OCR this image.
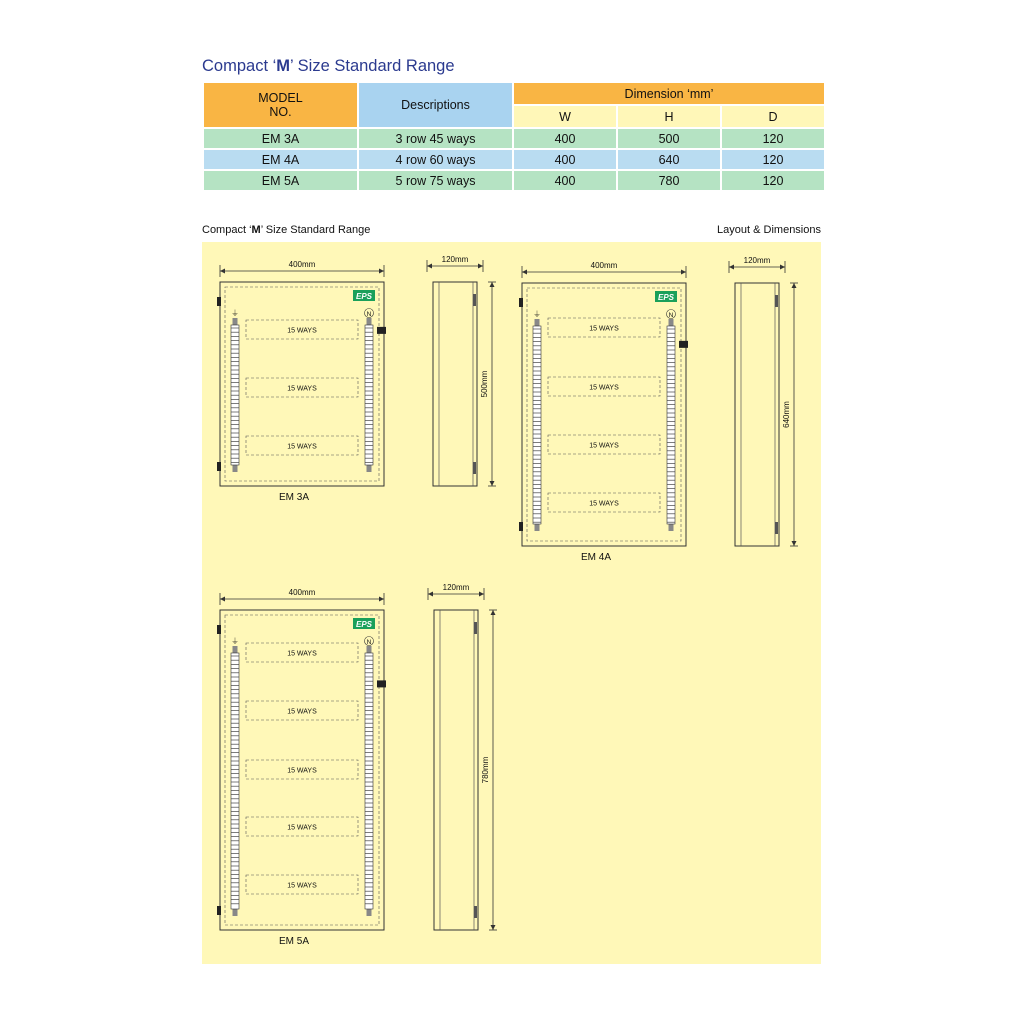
Compact ‘M’ Size Standard Range
MODEL
NO.	Descriptions	Dimension ‘mm’		
		W	H	D
EM 3A	3 row 45 ways	400	500	120
EM 4A	4 row 60 ways	400	640	120
EM 5A	5 row 75 ways	400	780	120
Compact ‘M’ Size Standard Range	Layout & Dimensions
400mm
EPS
⏚	N
15 WAYS
15 WAYS
15 WAYS
EM 3A
120mm
500mm
400mm
EPS
⏚	N
15 WAYS
15 WAYS
15 WAYS
15 WAYS
EM 4A
120mm
640mm
400mm
EPS
⏚	N
15 WAYS
15 WAYS
15 WAYS
15 WAYS
15 WAYS
EM 5A
120mm
780mm
